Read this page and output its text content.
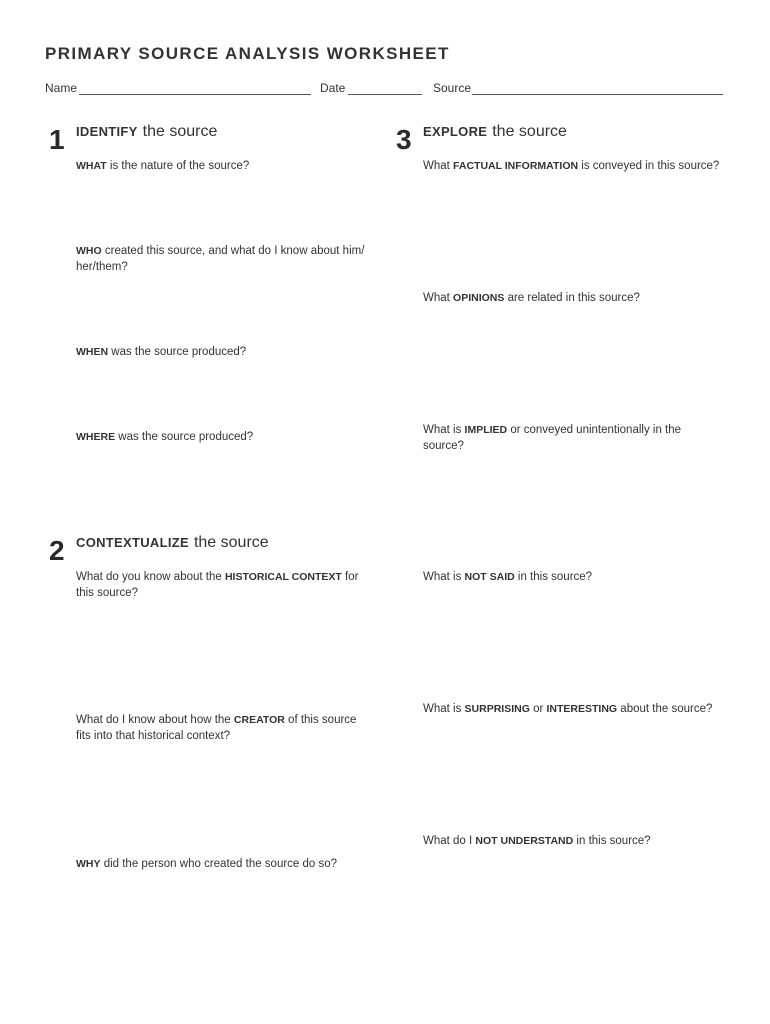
PRIMARY SOURCE ANALYSIS WORKSHEET
Name	Date	Source
1 IDENTIFY the source
WHAT is the nature of the source?
WHO created this source, and what do I know about him/
her/them?
WHEN was the source produced?
WHERE was the source produced?
2 CONTEXTUALIZE the source
What do you know about the HISTORICAL CONTEXT for
this source?
What do I know about how the CREATOR of this source
fits into that historical context?
WHY did the person who created the source do so?
3 EXPLORE the source
What FACTUAL INFORMATION is conveyed in this source?
What OPINIONS are related in this source?
What is IMPLIED or conveyed unintentionally in the
source?
What is NOT SAID in this source?
What is SURPRISING or INTERESTING about the source?
What do I NOT UNDERSTAND in this source?
